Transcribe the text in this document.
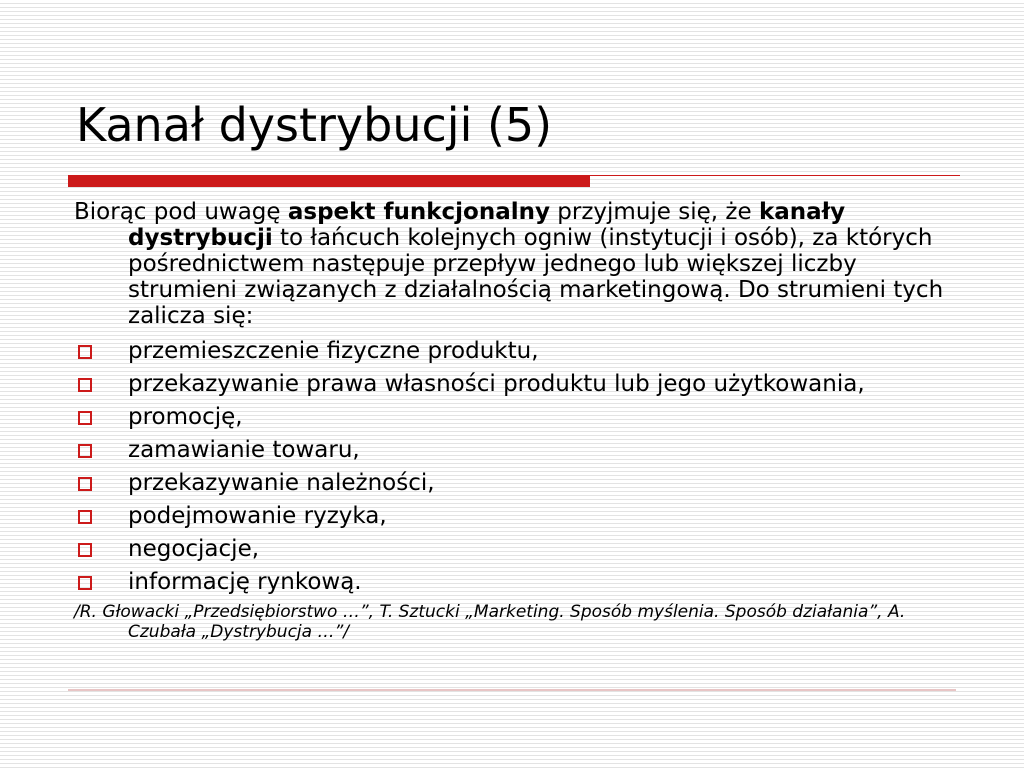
Kanał dystrybucji (5)

Biorąc pod uwagę aspekt funkcjonalny przyjmuje się, że kanały dystrybucji to łańcuch kolejnych ogniw (instytucji i osób), za których pośrednictwem następuje przepływ jednego lub większej liczby strumieni związanych z działalnością marketingową. Do strumieni tych zalicza się:

przemieszczenie fizyczne produktu,
przekazywanie prawa własności produktu lub jego użytkowania,
promocję,
zamawianie towaru,
przekazywanie należności,
podejmowanie ryzyka,
negocjacje,
informację rynkową.
/R. Głowacki „Przedsiębiorstwo …”, T. Sztucki „Marketing. Sposób myślenia. Sposób działania”, A. Czubała „Dystrybucja …”/
